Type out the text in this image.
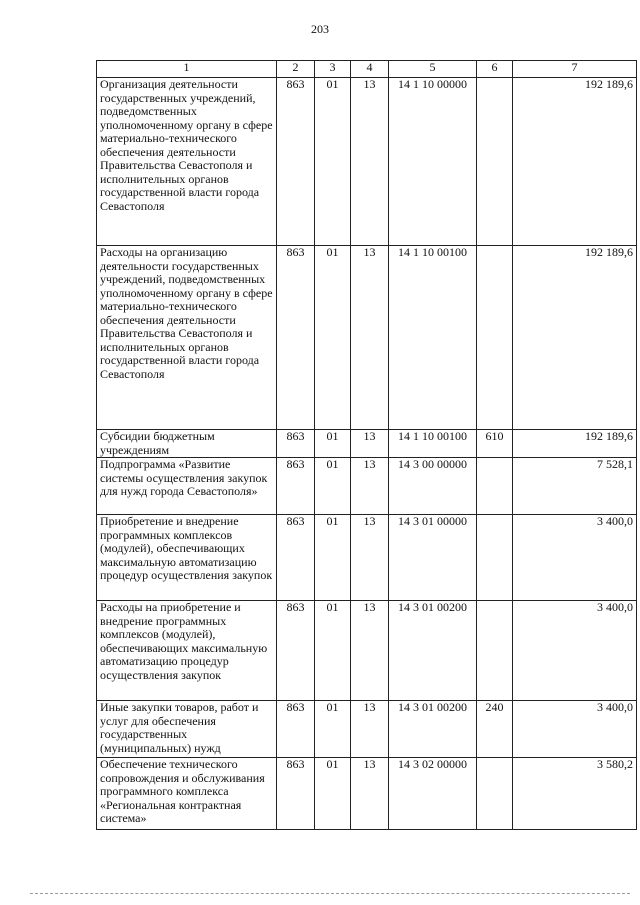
203
1	2	3	4	5	6	7
Организация деятельности государственных учреждений, подведомственных уполномоченному органу в сфере материально-технического обеспечения деятельности Правительства Севастополя и исполнительных органов государственной власти города Севастополя	863	01	13	14 1 10 00000		192 189,6
Расходы на организацию деятельности государственных учреждений, подведомственных уполномоченному органу в сфере материально-технического обеспечения деятельности Правительства Севастополя и исполнительных органов государственной власти города Севастополя	863	01	13	14 1 10 00100		192 189,6
Субсидии бюджетным учреждениям	863	01	13	14 1 10 00100	610	192 189,6
Подпрограмма «Развитие системы осуществления закупок для нужд города Севастополя»	863	01	13	14 3 00 00000		7 528,1
Приобретение и внедрение программных комплексов (модулей), обеспечивающих максимальную автоматизацию процедур осуществления закупок	863	01	13	14 3 01 00000		3 400,0
Расходы на приобретение и внедрение программных комплексов (модулей), обеспечивающих максимальную автоматизацию процедур осуществления закупок	863	01	13	14 3 01 00200		3 400,0
Иные закупки товаров, работ и услуг для обеспечения государственных (муниципальных) нужд	863	01	13	14 3 01 00200	240	3 400,0
Обеспечение технического сопровождения и обслуживания программного комплекса «Региональная контрактная система»	863	01	13	14 3 02 00000		3 580,2
